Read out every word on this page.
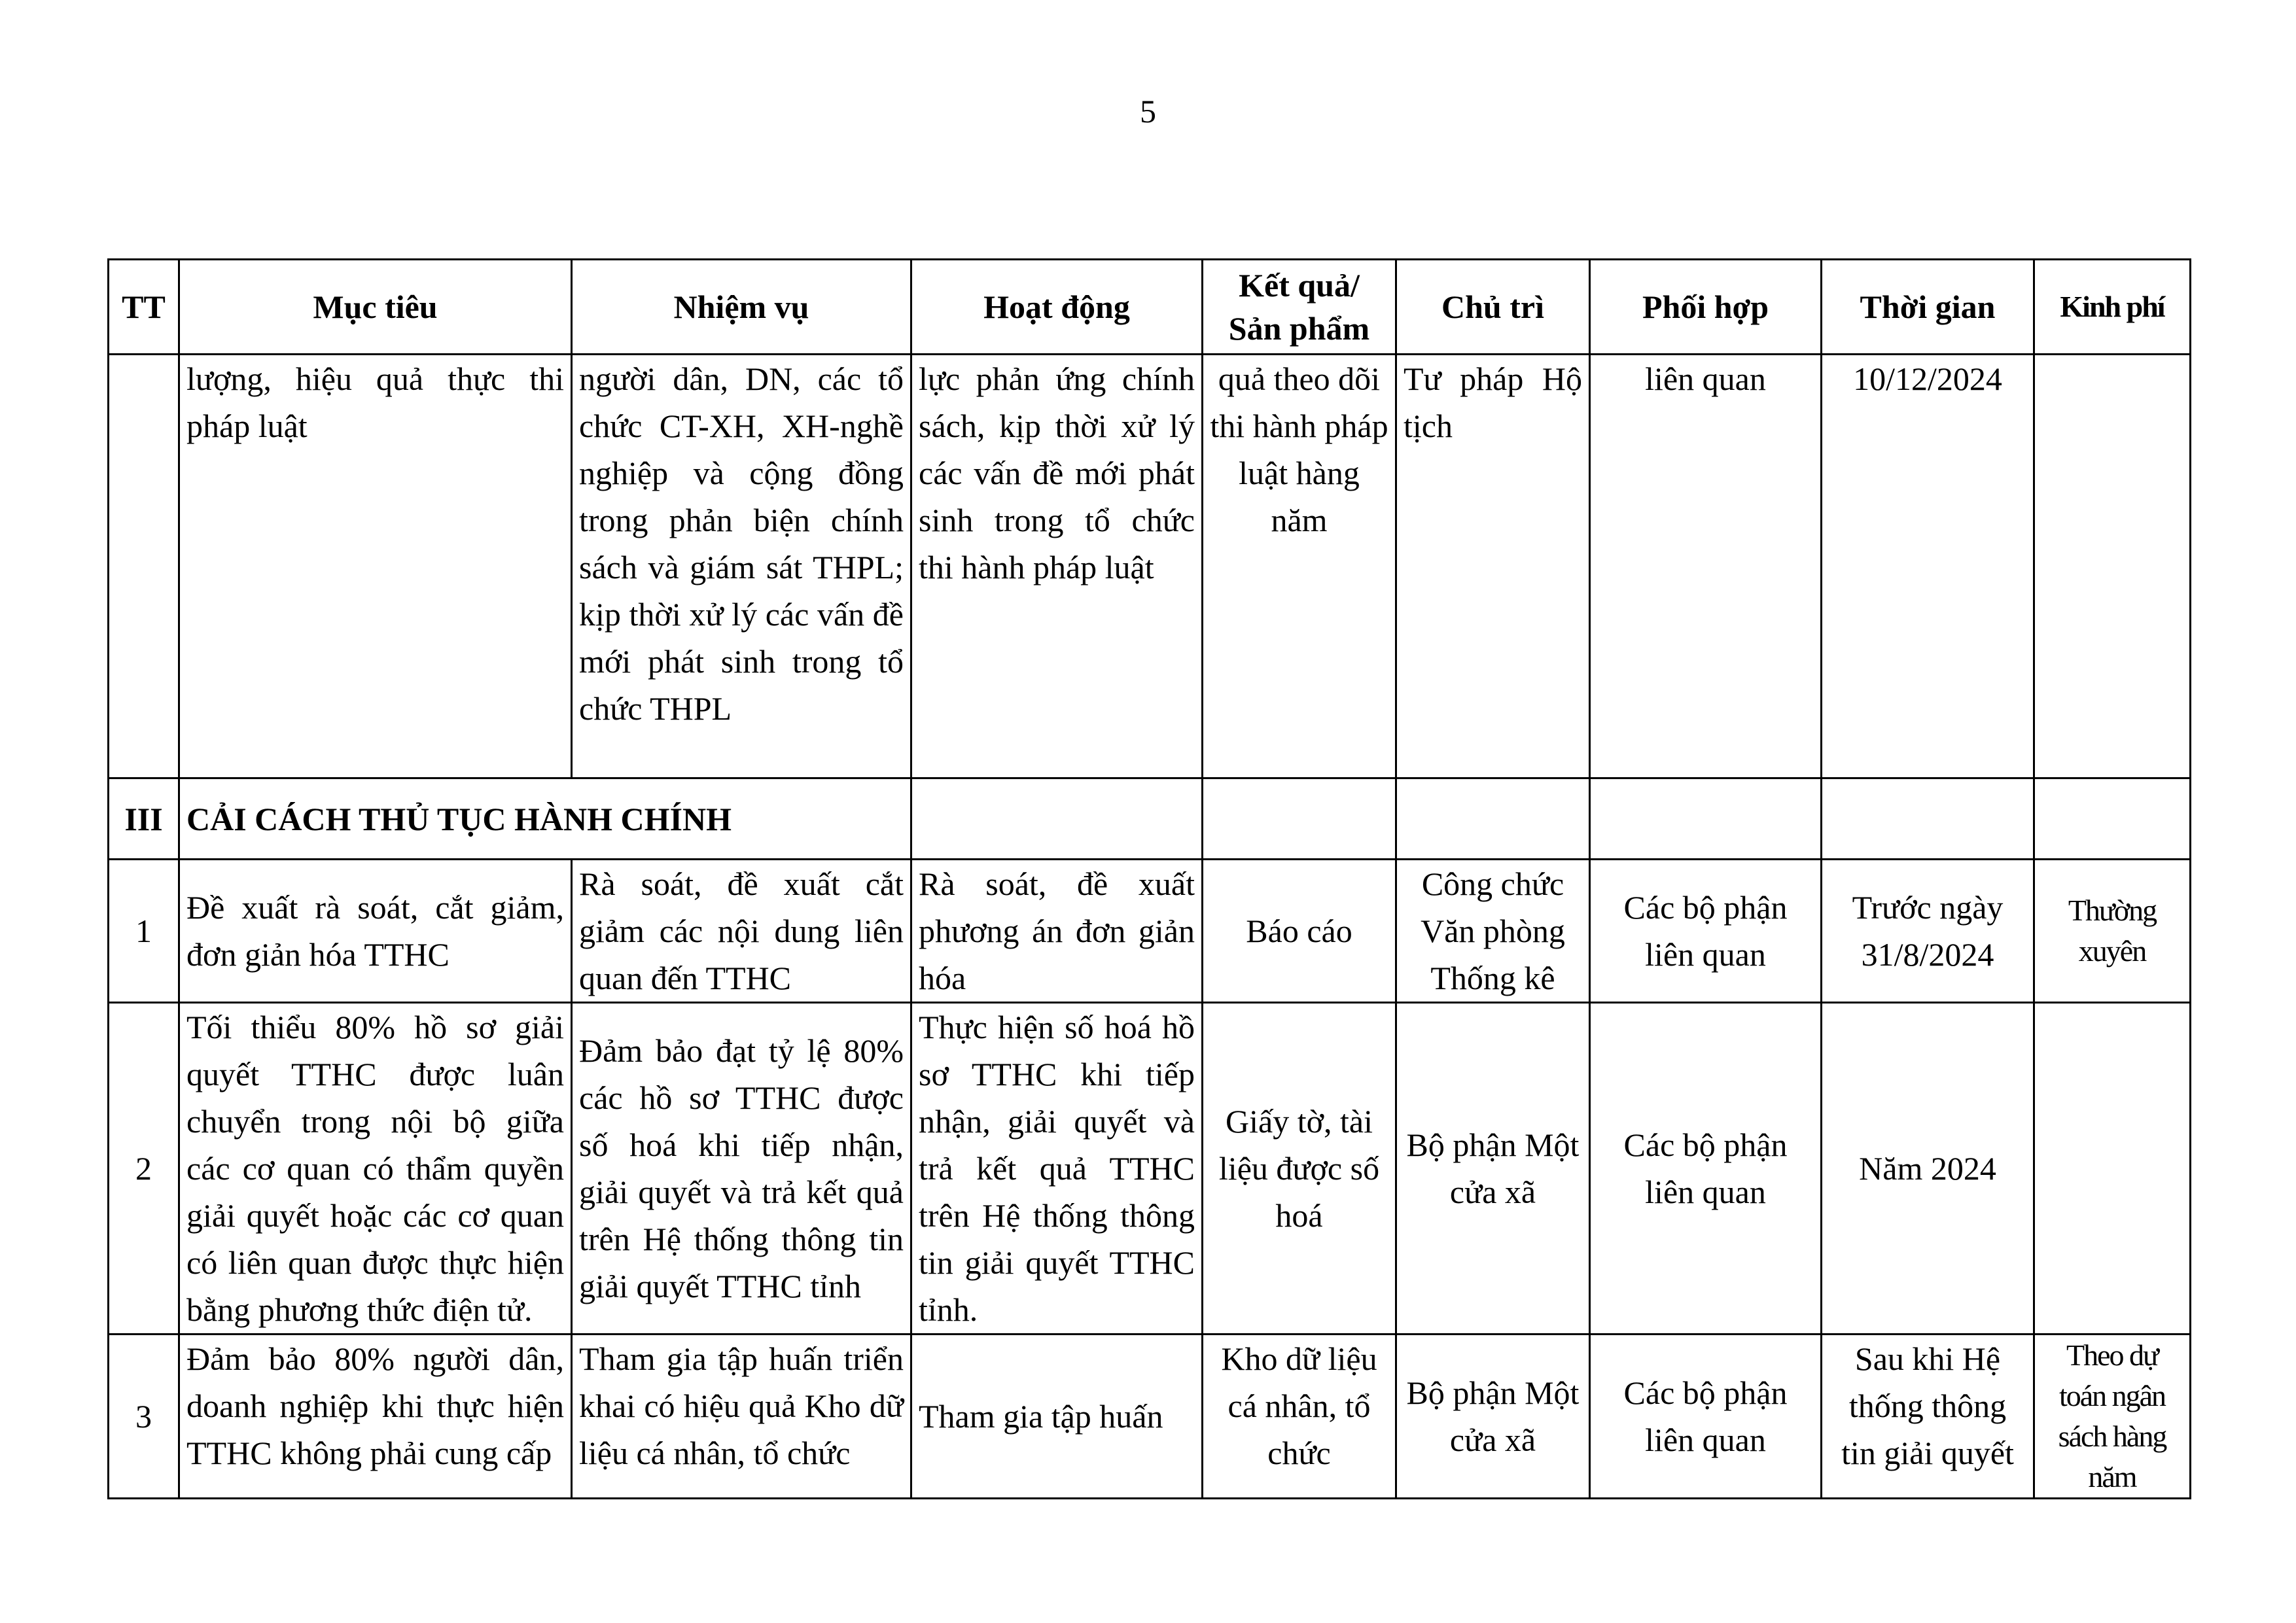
5
TT	Mục tiêu	Nhiệm vụ	Hoạt động	Kết quả/ Sản phẩm	Chủ trì	Phối hợp	Thời gian	Kinh phí
	lượng, hiệu quả thực thi pháp luật	người dân, DN, các tổ chức CT-XH, XH-nghề nghiệp và cộng đồng trong phản biện chính sách và giám sát THPL; kịp thời xử lý các vấn đề mới phát sinh trong tổ chức THPL	lực phản ứng chính sách, kịp thời xử lý các vấn đề mới phát sinh trong tổ chức thi hành pháp luật	quả theo dõi thi hành pháp luật hàng năm	Tư pháp Hộ tịch	liên quan	10/12/2024	
III	CẢI CÁCH THỦ TỤC HÀNH CHÍNH							
1	Đề xuất rà soát, cắt giảm, đơn giản hóa TTHC	Rà soát, đề xuất cắt giảm các nội dung liên quan đến TTHC	Rà soát, đề xuất phương án đơn giản hóa	Báo cáo	Công chức Văn phòng Thống kê	Các bộ phận liên quan	Trước ngày 31/8/2024	Thường xuyên
2	Tối thiểu 80% hồ sơ giải quyết TTHC được luân chuyển trong nội bộ giữa các cơ quan có thẩm quyền giải quyết hoặc các cơ quan có liên quan được thực hiện bằng phương thức điện tử.	Đảm bảo đạt tỷ lệ 80% các hồ sơ TTHC được số hoá khi tiếp nhận, giải quyết và trả kết quả trên Hệ thống thông tin giải quyết TTHC tỉnh	Thực hiện số hoá hồ sơ TTHC khi tiếp nhận, giải quyết và trả kết quả TTHC trên Hệ thống thông tin giải quyết TTHC tỉnh.	Giấy tờ, tài liệu được số hoá	Bộ phận Một cửa xã	Các bộ phận liên quan	Năm 2024	
3	Đảm bảo 80% người dân, doanh nghiệp khi thực hiện TTHC không phải cung cấp	Tham gia tập huấn triển khai có hiệu quả Kho dữ liệu cá nhân, tổ chức	Tham gia tập huấn	Kho dữ liệu cá nhân, tổ chức	Bộ phận Một cửa xã	Các bộ phận liên quan	Sau khi Hệ thống thông tin giải quyết	Theo dự toán ngân sách hàng năm
